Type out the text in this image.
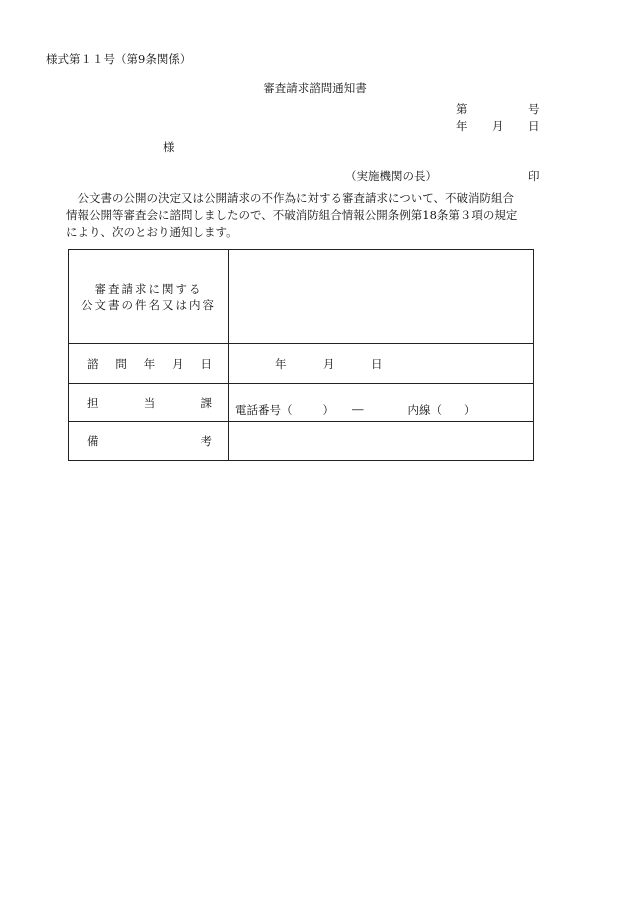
様式第１１号（第9条関係）
審査請求諮問通知書
第	号
年 月 日
様
（実施機関の長）	印

　公文書の公開の決定又は公開請求の不作為に対する審査請求について、不破消防組合
情報公開等審査会に諮問しましたので、不破消防組合情報公開条例第18条第３項の規定
により、次のとおり通知します。

審査請求に関する
公文書の件名又は内容	

諮 問 年 月 日	年 月 日

担 当 課	電話番号（ ） ― 内線（ ）

備 考	
